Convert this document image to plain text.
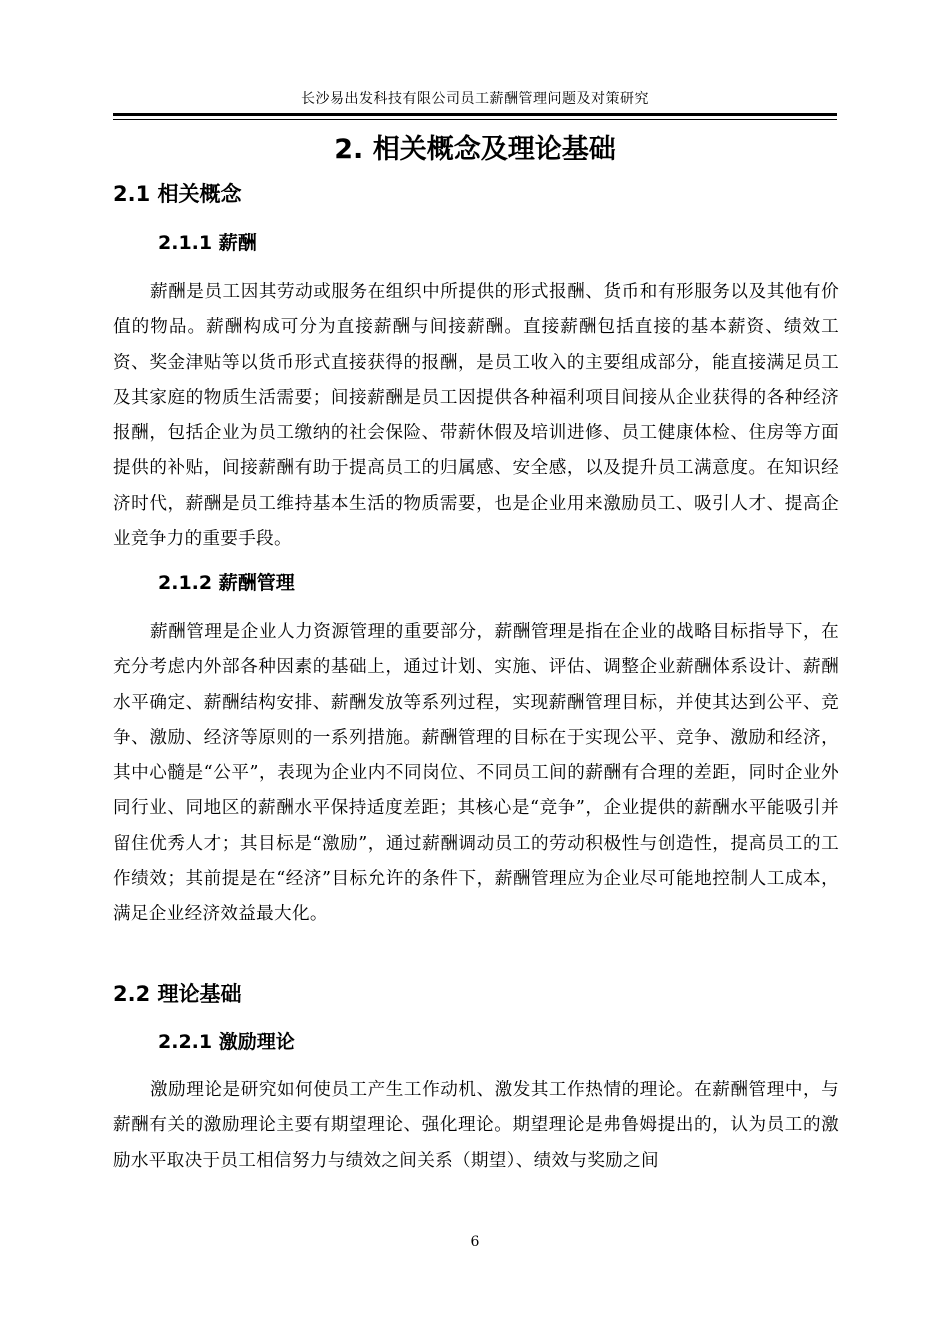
长沙易出发科技有限公司员工薪酬管理问题及对策研究
2. 相关概念及理论基础
2.1 相关概念
2.1.1 薪酬

薪酬是员工因其劳动或服务在组织中所提供的形式报酬、货币和有形服务以及其他有价值的物品。薪酬构成可分为直接薪酬与间接薪酬。直接薪酬包括直接的基本薪资、绩效工资、奖金津贴等以货币形式直接获得的报酬，是员工收入的主要组成部分，能直接满足员工及其家庭的物质生活需要；间接薪酬是员工因提供各种福利项目间接从企业获得的各种经济报酬，包括企业为员工缴纳的社会保险、带薪休假及培训进修、员工健康体检、住房等方面提供的补贴，间接薪酬有助于提高员工的归属感、安全感，以及提升员工满意度。在知识经济时代，薪酬是员工维持基本生活的物质需要，也是企业用来激励员工、吸引人才、提高企业竞争力的重要手段。

2.1.2 薪酬管理

薪酬管理是企业人力资源管理的重要部分，薪酬管理是指在企业的战略目标指导下，在充分考虑内外部各种因素的基础上，通过计划、实施、评估、调整企业薪酬体系设计、薪酬水平确定、薪酬结构安排、薪酬发放等系列过程，实现薪酬管理目标，并使其达到公平、竞争、激励、经济等原则的一系列措施。薪酬管理的目标在于实现公平、竞争、激励和经济，其中心髓是“公平”，表现为企业内不同岗位、不同员工间的薪酬有合理的差距，同时企业外同行业、同地区的薪酬水平保持适度差距；其核心是“竞争”，企业提供的薪酬水平能吸引并留住优秀人才；其目标是“激励”，通过薪酬调动员工的劳动积极性与创造性，提高员工的工作绩效；其前提是在“经济”目标允许的条件下，薪酬管理应为企业尽可能地控制人工成本，满足企业经济效益最大化。

2.2 理论基础
2.2.1 激励理论

激励理论是研究如何使员工产生工作动机、激发其工作热情的理论。在薪酬管理中，与薪酬有关的激励理论主要有期望理论、强化理论。期望理论是弗鲁姆提出的，认为员工的激励水平取决于员工相信努力与绩效之间关系（期望）、绩效与奖励之间

6
